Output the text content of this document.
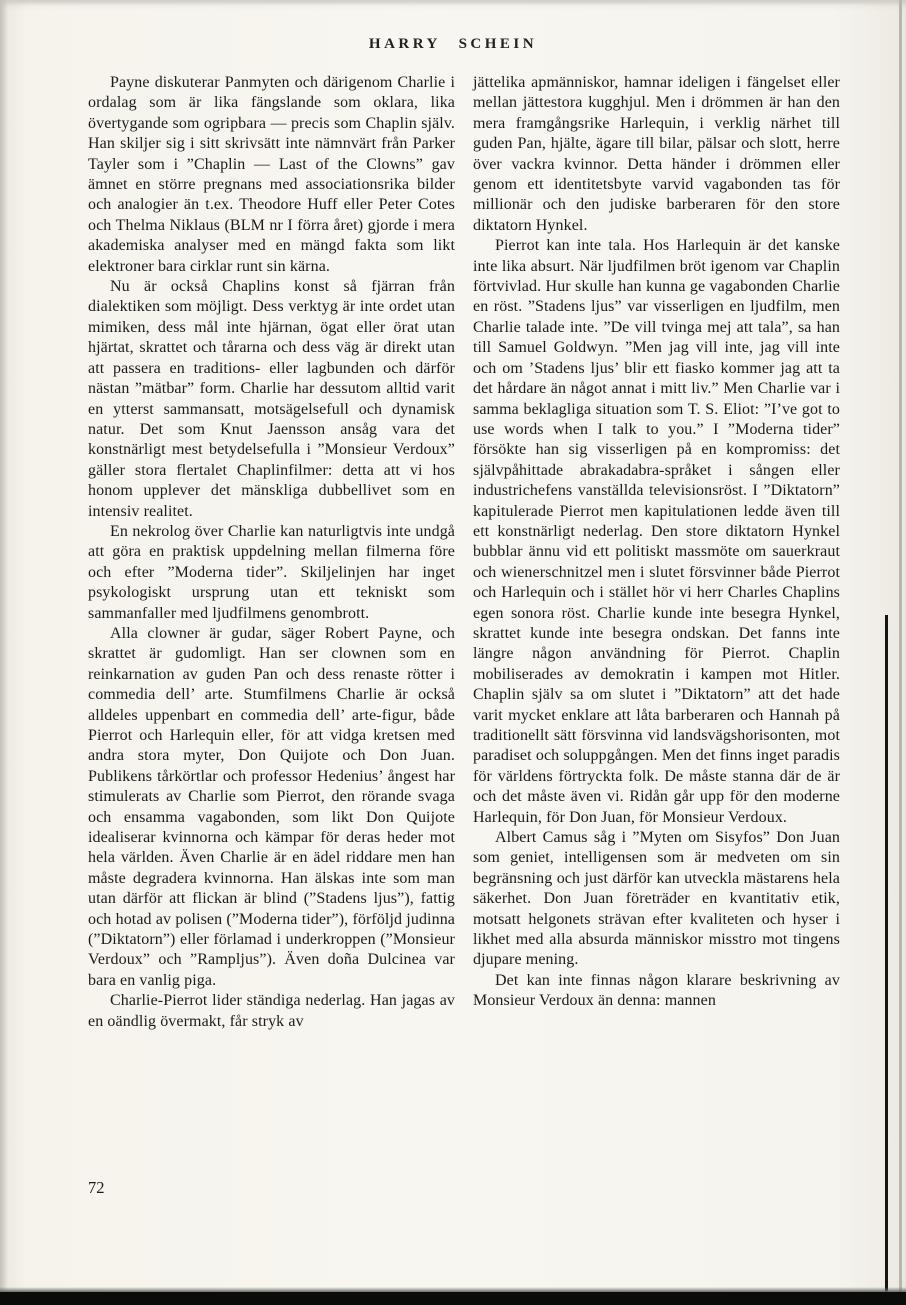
HARRY SCHEIN

Payne diskuterar Panmyten och därigenom Charlie i ordalag som är lika fängslande som oklara, lika övertygande som ogripbara — precis som Chaplin själv. Han skiljer sig i sitt skrivsätt inte nämnvärt från Parker Tayler som i ”Chaplin — Last of the Clowns” gav ämnet en större pregnans med associationsrika bilder och analogier än t.ex. Theodore Huff eller Peter Cotes och Thelma Niklaus (BLM nr I förra året) gjorde i mera akademiska analyser med en mängd fakta som likt elektroner bara cirklar runt sin kärna.

Nu är också Chaplins konst så fjärran från dialektiken som möjligt. Dess verktyg är inte ordet utan mimiken, dess mål inte hjärnan, ögat eller örat utan hjärtat, skrattet och tårarna och dess väg är direkt utan att passera en traditions- eller lagbunden och därför nästan ”mätbar” form. Charlie har dessutom alltid varit en ytterst sammansatt, motsägelsefull och dynamisk natur. Det som Knut Jaensson ansåg vara det konstnärligt mest betydelsefulla i ”Monsieur Verdoux” gäller stora flertalet Chaplinfilmer: detta att vi hos honom upplever det mänskliga dubbellivet som en intensiv realitet.

En nekrolog över Charlie kan naturligtvis inte undgå att göra en praktisk uppdelning mellan filmerna före och efter ”Moderna tider”. Skiljelinjen har inget psykologiskt ursprung utan ett tekniskt som sammanfaller med ljudfilmens genombrott.

Alla clowner är gudar, säger Robert Payne, och skrattet är gudomligt. Han ser clownen som en reinkarnation av guden Pan och dess renaste rötter i commedia dell’ arte. Stumfilmens Charlie är också alldeles uppenbart en commedia dell’ arte-figur, både Pierrot och Harlequin eller, för att vidga kretsen med andra stora myter, Don Quijote och Don Juan. Publikens tårkörtlar och professor Hedenius’ ångest har stimulerats av Charlie som Pierrot, den rörande svaga och ensamma vagabonden, som likt Don Quijote idealiserar kvinnorna och kämpar för deras heder mot hela världen. Även Charlie är en ädel riddare men han måste degradera kvinnorna. Han älskas inte som man utan därför att flickan är blind (”Stadens ljus”), fattig och hotad av polisen (”Moderna tider”), förföljd judinna (”Diktatorn”) eller förlamad i underkroppen (”Monsieur Verdoux” och ”Rampljus”). Även doña Dulcinea var bara en vanlig piga.

Charlie-Pierrot lider ständiga nederlag. Han jagas av en oändlig övermakt, får stryk av

jättelika apmänniskor, hamnar ideligen i fängelset eller mellan jättestora kugghjul. Men i drömmen är han den mera framgångsrike Harlequin, i verklig närhet till guden Pan, hjälte, ägare till bilar, pälsar och slott, herre över vackra kvinnor. Detta händer i drömmen eller genom ett identitetsbyte varvid vagabonden tas för millionär och den judiske barberaren för den store diktatorn Hynkel.

Pierrot kan inte tala. Hos Harlequin är det kanske inte lika absurt. När ljudfilmen bröt igenom var Chaplin förtvivlad. Hur skulle han kunna ge vagabonden Charlie en röst. ”Stadens ljus” var visserligen en ljudfilm, men Charlie talade inte. ”De vill tvinga mej att tala”, sa han till Samuel Goldwyn. ”Men jag vill inte, jag vill inte och om ’Stadens ljus’ blir ett fiasko kommer jag att ta det hårdare än något annat i mitt liv.” Men Charlie var i samma beklagliga situation som T. S. Eliot: ”I’ve got to use words when I talk to you.” I ”Moderna tider” försökte han sig visserligen på en kompromiss: det självpåhittade abrakadabra-språket i sången eller industrichefens vanställda televisionsröst. I ”Diktatorn” kapitulerade Pierrot men kapitulationen ledde även till ett konstnärligt nederlag. Den store diktatorn Hynkel bubblar ännu vid ett politiskt massmöte om sauerkraut och wienerschnitzel men i slutet försvinner både Pierrot och Harlequin och i stället hör vi herr Charles Chaplins egen sonora röst. Charlie kunde inte besegra Hynkel, skrattet kunde inte besegra ondskan. Det fanns inte längre någon användning för Pierrot. Chaplin mobiliserades av demokratin i kampen mot Hitler. Chaplin själv sa om slutet i ”Diktatorn” att det hade varit mycket enklare att låta barberaren och Hannah på traditionellt sätt försvinna vid landsvägshorisonten, mot paradiset och soluppgången. Men det finns inget paradis för världens förtryckta folk. De måste stanna där de är och det måste även vi. Ridån går upp för den moderne Harlequin, för Don Juan, för Monsieur Verdoux.

Albert Camus såg i ”Myten om Sisyfos” Don Juan som geniet, intelligensen som är medveten om sin begränsning och just därför kan utveckla mästarens hela säkerhet. Don Juan företräder en kvantitativ etik, motsatt helgonets strävan efter kvaliteten och hyser i likhet med alla absurda människor misstro mot tingens djupare mening.

Det kan inte finnas någon klarare beskrivning av Monsieur Verdoux än denna: mannen

72
